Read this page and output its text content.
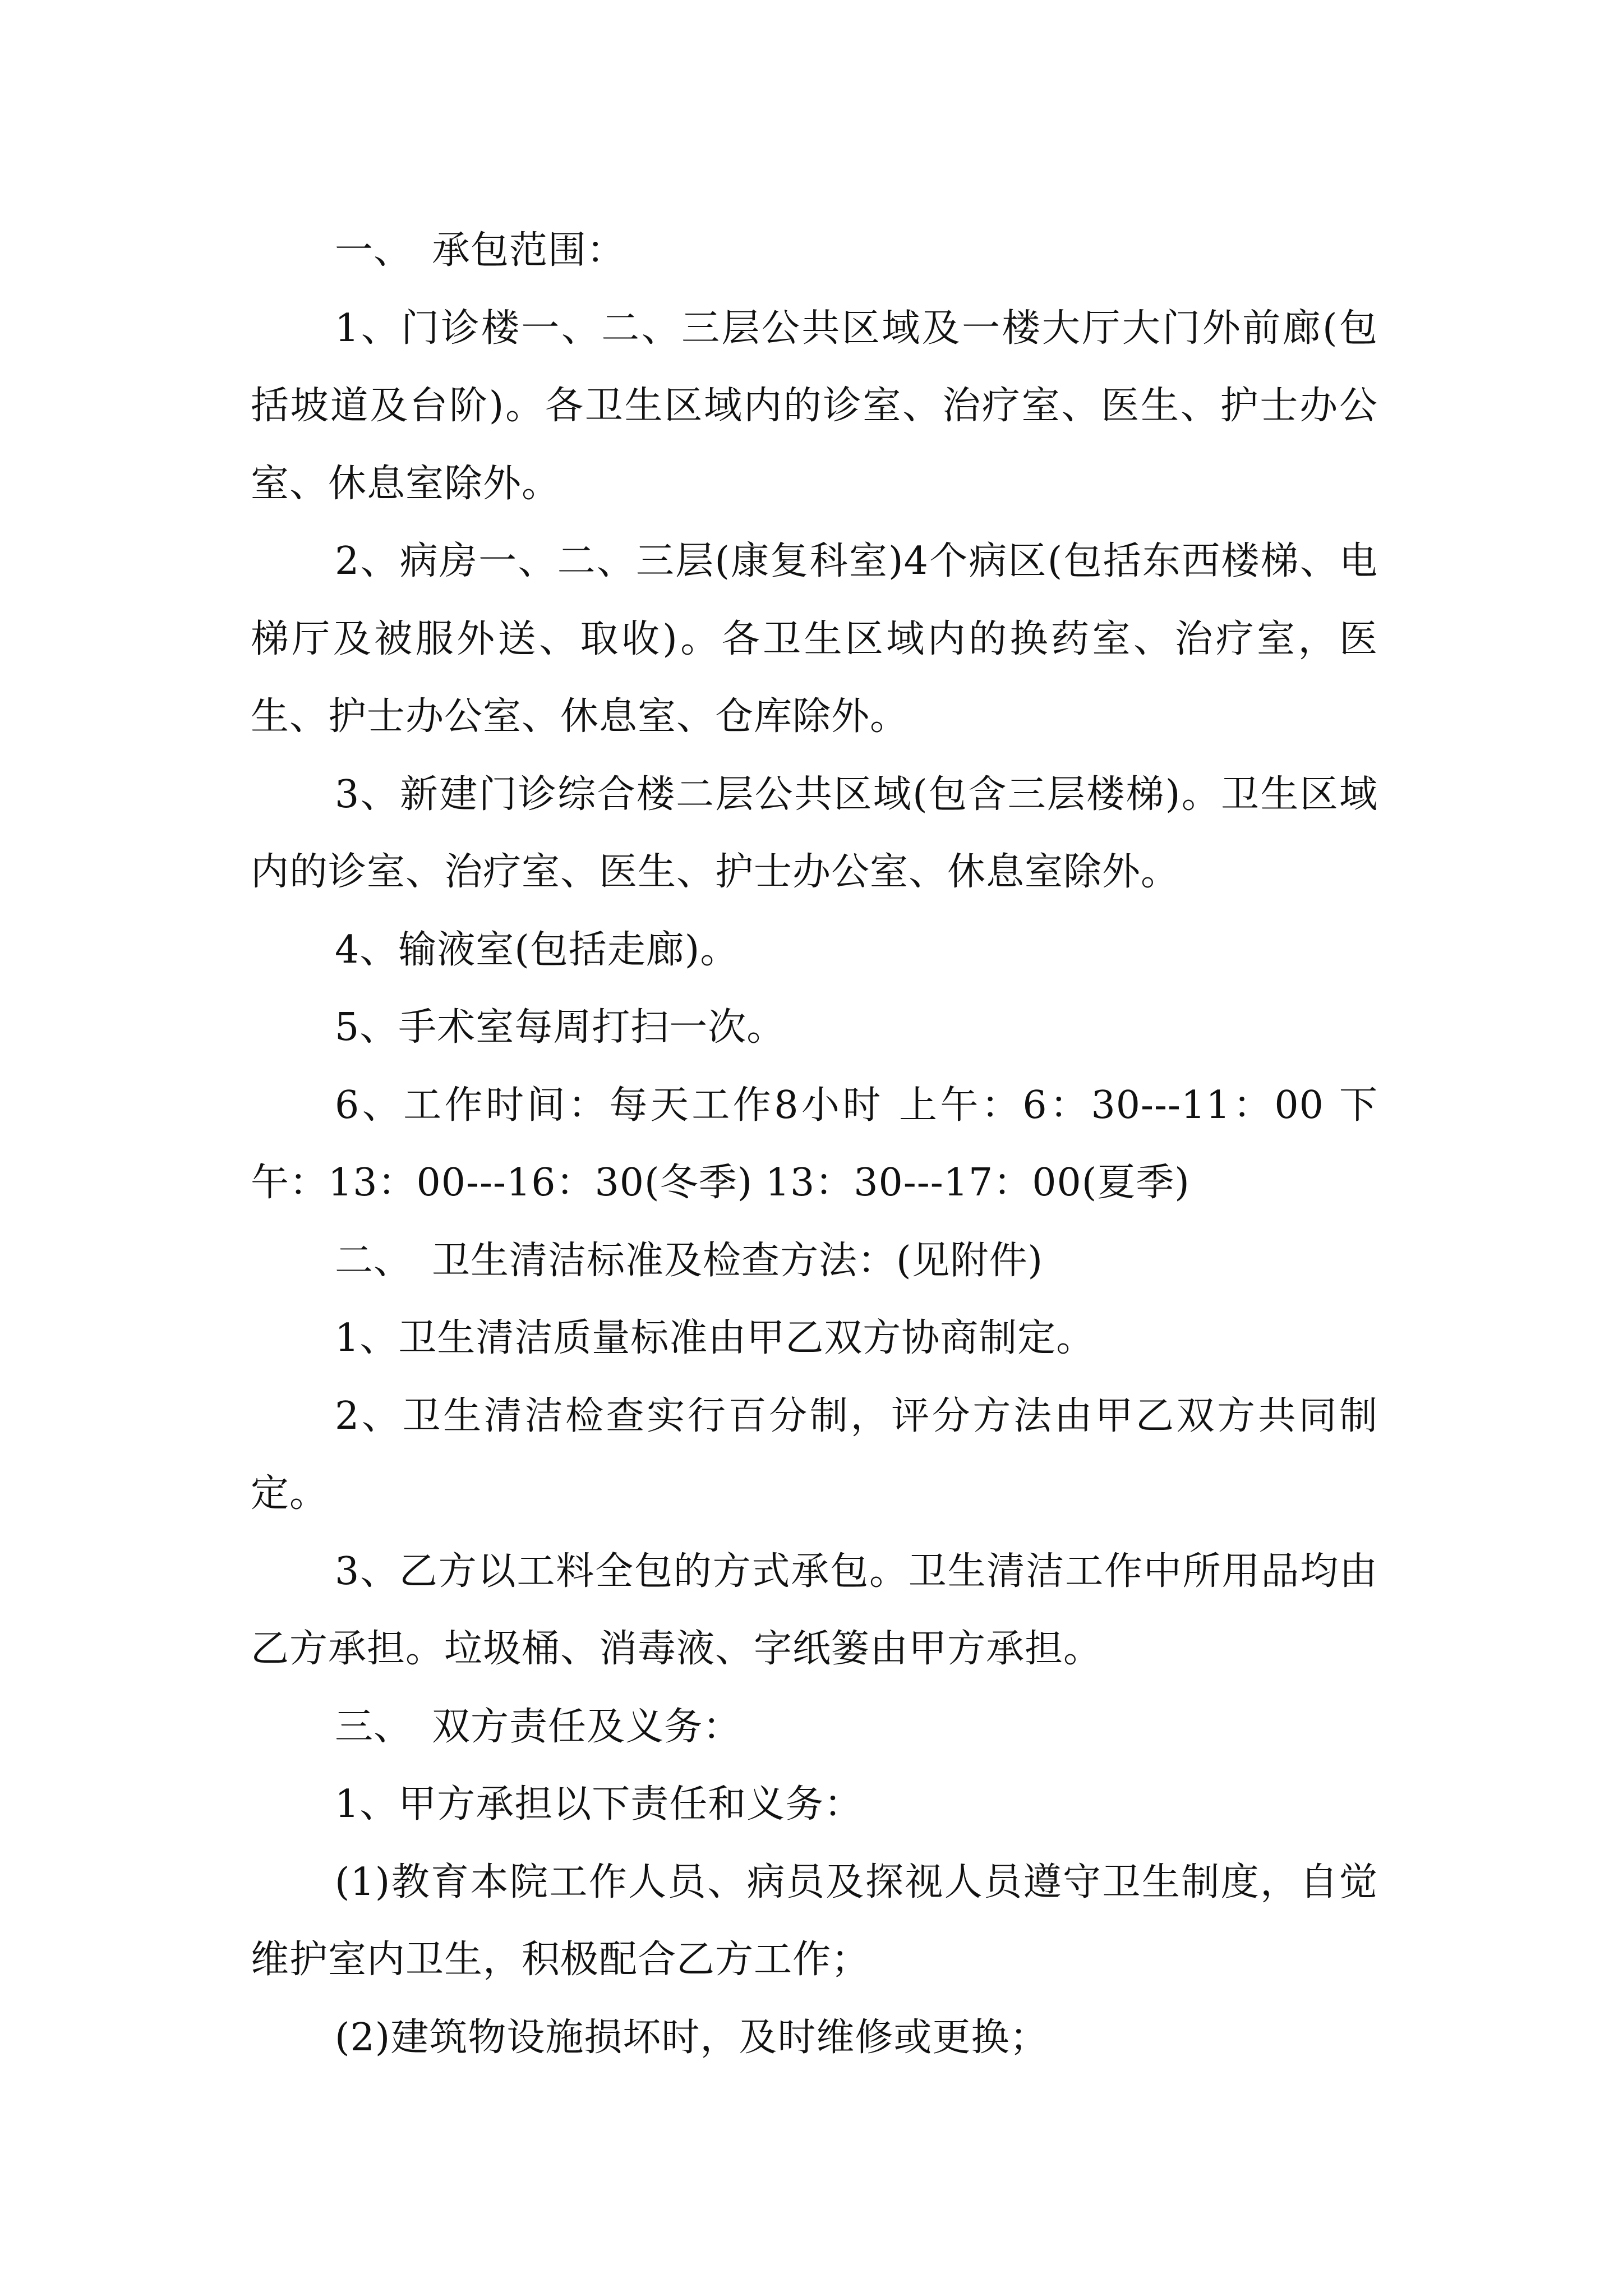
一、　承包范围：

1、门诊楼一、二、三层公共区域及一楼大厅大门外前廊(包括坡道及台阶)。各卫生区域内的诊室、治疗室、医生、护士办公室、休息室除外。

2、病房一、二、三层(康复科室)4个病区(包括东西楼梯、电梯厅及被服外送、取收)。各卫生区域内的换药室、治疗室，医生、护士办公室、休息室、仓库除外。

3、新建门诊综合楼二层公共区域(包含三层楼梯)。卫生区域内的诊室、治疗室、医生、护士办公室、休息室除外。

4、输液室(包括走廊)。

5、手术室每周打扫一次。

6、工作时间：每天工作8小时 上午：6：30---11：00 下午：13：00---16：30(冬季) 13：30---17：00(夏季)

二、　卫生清洁标准及检查方法：(见附件)

1、卫生清洁质量标准由甲乙双方协商制定。

2、卫生清洁检查实行百分制，评分方法由甲乙双方共同制定。

3、乙方以工料全包的方式承包。卫生清洁工作中所用品均由乙方承担。垃圾桶、消毒液、字纸篓由甲方承担。

三、　双方责任及义务：

1、甲方承担以下责任和义务：

(1)教育本院工作人员、病员及探视人员遵守卫生制度，自觉维护室内卫生，积极配合乙方工作；

(2)建筑物设施损坏时，及时维修或更换；
